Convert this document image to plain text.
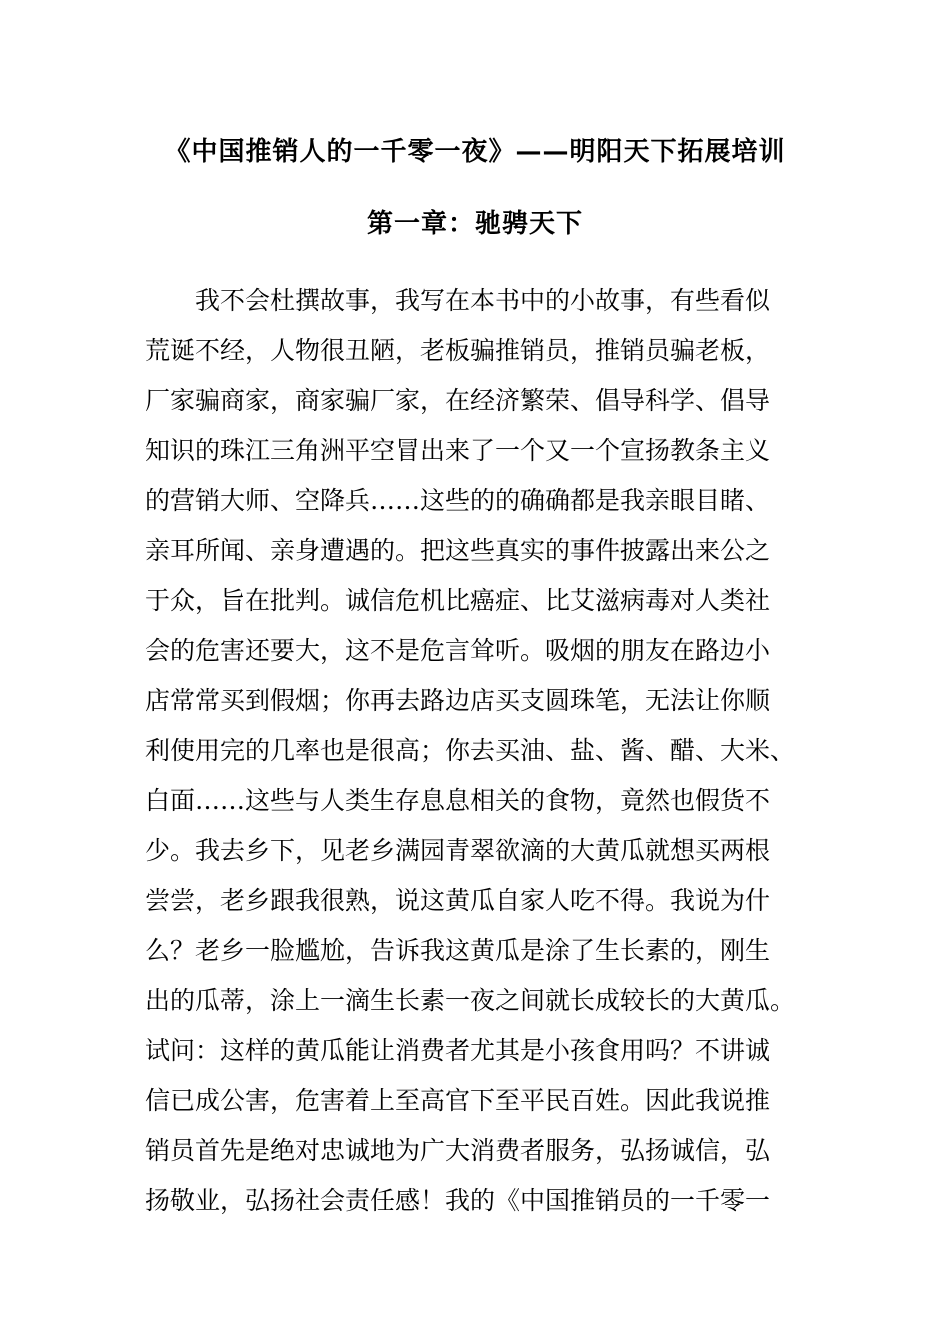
《中国推销人的一千零一夜》——明阳天下拓展培训
第一章：驰骋天下
　　我不会杜撰故事，我写在本书中的小故事，有些看似
荒诞不经，人物很丑陋，老板骗推销员，推销员骗老板，
厂家骗商家，商家骗厂家，在经济繁荣、倡导科学、倡导
知识的珠江三角洲平空冒出来了一个又一个宣扬教条主义
的营销大师、空降兵……这些的的确确都是我亲眼目睹、
亲耳所闻、亲身遭遇的。把这些真实的事件披露出来公之
于众，旨在批判。诚信危机比癌症、比艾滋病毒对人类社
会的危害还要大，这不是危言耸听。吸烟的朋友在路边小
店常常买到假烟；你再去路边店买支圆珠笔，无法让你顺
利使用完的几率也是很高；你去买油、盐、酱、醋、大米、
白面……这些与人类生存息息相关的食物，竟然也假货不
少。我去乡下，见老乡满园青翠欲滴的大黄瓜就想买两根
尝尝，老乡跟我很熟，说这黄瓜自家人吃不得。我说为什
么？老乡一脸尴尬，告诉我这黄瓜是涂了生长素的，刚生
出的瓜蒂，涂上一滴生长素一夜之间就长成较长的大黄瓜。
试问：这样的黄瓜能让消费者尤其是小孩食用吗？不讲诚
信已成公害，危害着上至高官下至平民百姓。因此我说推
销员首先是绝对忠诚地为广大消费者服务，弘扬诚信，弘
扬敬业，弘扬社会责任感！我的《中国推销员的一千零一
